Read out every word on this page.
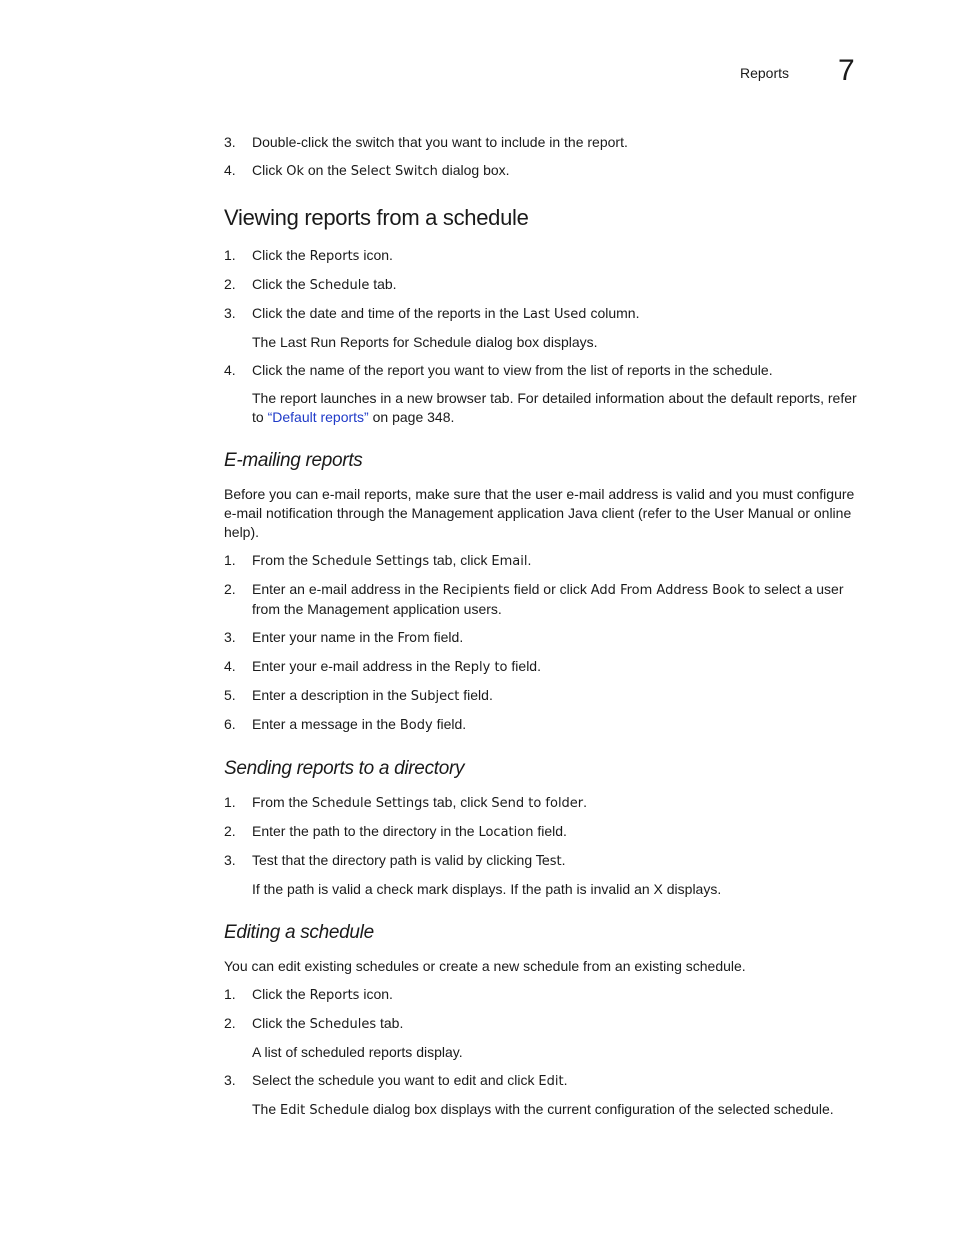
Reports 7
3. Double-click the switch that you want to include in the report.
4. Click Ok on the Select Switch dialog box.
Viewing reports from a schedule
1. Click the Reports icon.
2. Click the Schedule tab.
3. Click the date and time of the reports in the Last Used column.
The Last Run Reports for Schedule dialog box displays.
4. Click the name of the report you want to view from the list of reports in the schedule.
The report launches in a new browser tab. For detailed information about the default reports, refer to “Default reports” on page 348.
E-mailing reports
Before you can e-mail reports, make sure that the user e-mail address is valid and you must configure e-mail notification through the Management application Java client (refer to the User Manual or online help).
1. From the Schedule Settings tab, click Email.
2. Enter an e-mail address in the Recipients field or click Add From Address Book to select a user from the Management application users.
3. Enter your name in the From field.
4. Enter your e-mail address in the Reply to field.
5. Enter a description in the Subject field.
6. Enter a message in the Body field.
Sending reports to a directory
1. From the Schedule Settings tab, click Send to folder.
2. Enter the path to the directory in the Location field.
3. Test that the directory path is valid by clicking Test.
If the path is valid a check mark displays. If the path is invalid an X displays.
Editing a schedule
You can edit existing schedules or create a new schedule from an existing schedule.
1. Click the Reports icon.
2. Click the Schedules tab.
A list of scheduled reports display.
3. Select the schedule you want to edit and click Edit.
The Edit Schedule dialog box displays with the current configuration of the selected schedule.
